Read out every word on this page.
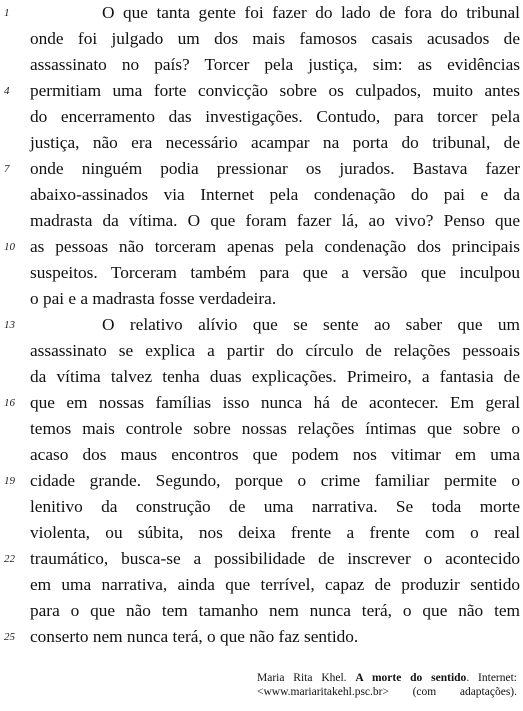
1
4
7
10
13
16
19
22
25
O que tanta gente foi fazer do lado de fora do tribunal
onde foi julgado um dos mais famosos casais acusados de
assassinato no país? Torcer pela justiça, sim: as evidências
permitiam uma forte convicção sobre os culpados, muito antes
do encerramento das investigações. Contudo, para torcer pela
justiça, não era necessário acampar na porta do tribunal, de
onde ninguém podia pressionar os jurados. Bastava fazer
abaixo-assinados via Internet pela condenação do pai e da
madrasta da vítima. O que foram fazer lá, ao vivo? Penso que
as pessoas não torceram apenas pela condenação dos principais
suspeitos. Torceram também para que a versão que inculpou
o pai e a madrasta fosse verdadeira.
O relativo alívio que se sente ao saber que um
assassinato se explica a partir do círculo de relações pessoais
da vítima talvez tenha duas explicações. Primeiro, a fantasia de
que em nossas famílias isso nunca há de acontecer. Em geral
temos mais controle sobre nossas relações íntimas que sobre o
acaso dos maus encontros que podem nos vitimar em uma
cidade grande. Segundo, porque o crime familiar permite o
lenitivo da construção de uma narrativa. Se toda morte
violenta, ou súbita, nos deixa frente a frente com o real
traumático, busca-se a possibilidade de inscrever o acontecido
em uma narrativa, ainda que terrível, capaz de produzir sentido
para o que não tem tamanho nem nunca terá, o que não tem
conserto nem nunca terá, o que não faz sentido.
Maria Rita Khel. A morte do sentido. Internet:
<www.mariaritakehl.psc.br> (com adaptações).
